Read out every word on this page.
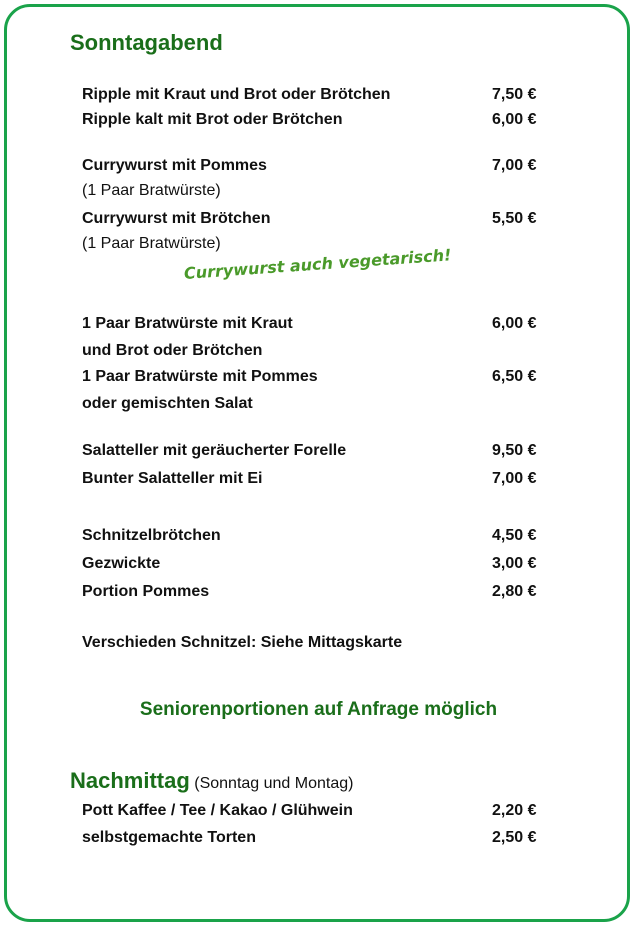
Sonntagabend
Ripple mit Kraut und Brot oder Brötchen	7,50 €
Ripple kalt mit Brot oder Brötchen	6,00 €
Currywurst mit Pommes	7,00 €
(1 Paar Bratwürste)
Currywurst mit Brötchen	5,50 €
(1 Paar Bratwürste)
Currywurst auch vegetarisch!
1 Paar Bratwürste mit Kraut	6,00 €
und Brot oder Brötchen
1 Paar Bratwürste mit Pommes	6,50 €
oder gemischten Salat
Salatteller mit geräucherter Forelle	9,50 €
Bunter Salatteller mit Ei	7,00 €
Schnitzelbrötchen	4,50 €
Gezwickte	3,00 €
Portion Pommes	2,80 €
Verschieden Schnitzel: Siehe Mittagskarte
Seniorenportionen auf Anfrage möglich
Nachmittag (Sonntag und Montag)
Pott Kaffee / Tee / Kakao / Glühwein	2,20 €
selbstgemachte Torten	2,50 €
